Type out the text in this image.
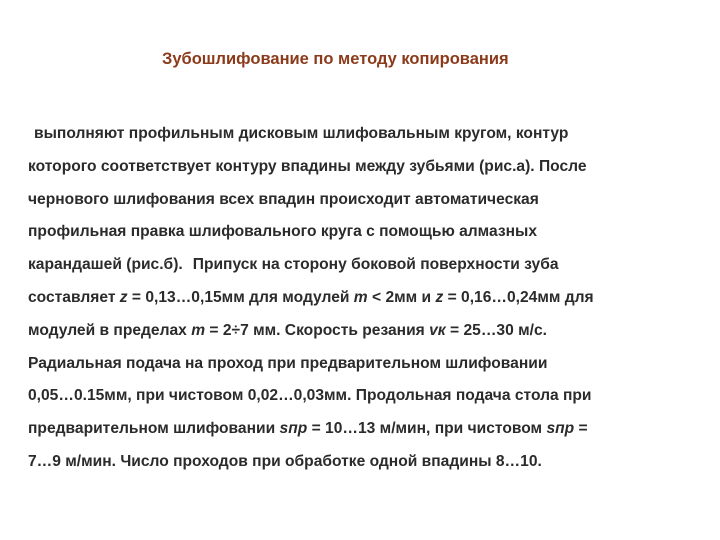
Зубошлифование по методу копирования
выполняют профильным дисковым шлифовальным кругом, контур
которого соответствует контуру впадины между зубьями (рис.а). После
чернового шлифования всех впадин происходит автоматическая
профильная правка шлифовального круга с помощью алмазных
карандашей (рис.б). Припуск на сторону боковой поверхности зуба
составляет z = 0,13…0,15мм для модулей m < 2мм и z = 0,16…0,24мм для
модулей в пределах m = 2÷7 мм. Скорость резания vк = 25…30 м/с.
Радиальная подача на проход при предварительном шлифовании
0,05…0.15мм, при чистовом 0,02…0,03мм. Продольная подача стола при
предварительном шлифовании sпр = 10…13 м/мин, при чистовом sпр =
7…9 м/мин. Число проходов при обработке одной впадины 8…10.
